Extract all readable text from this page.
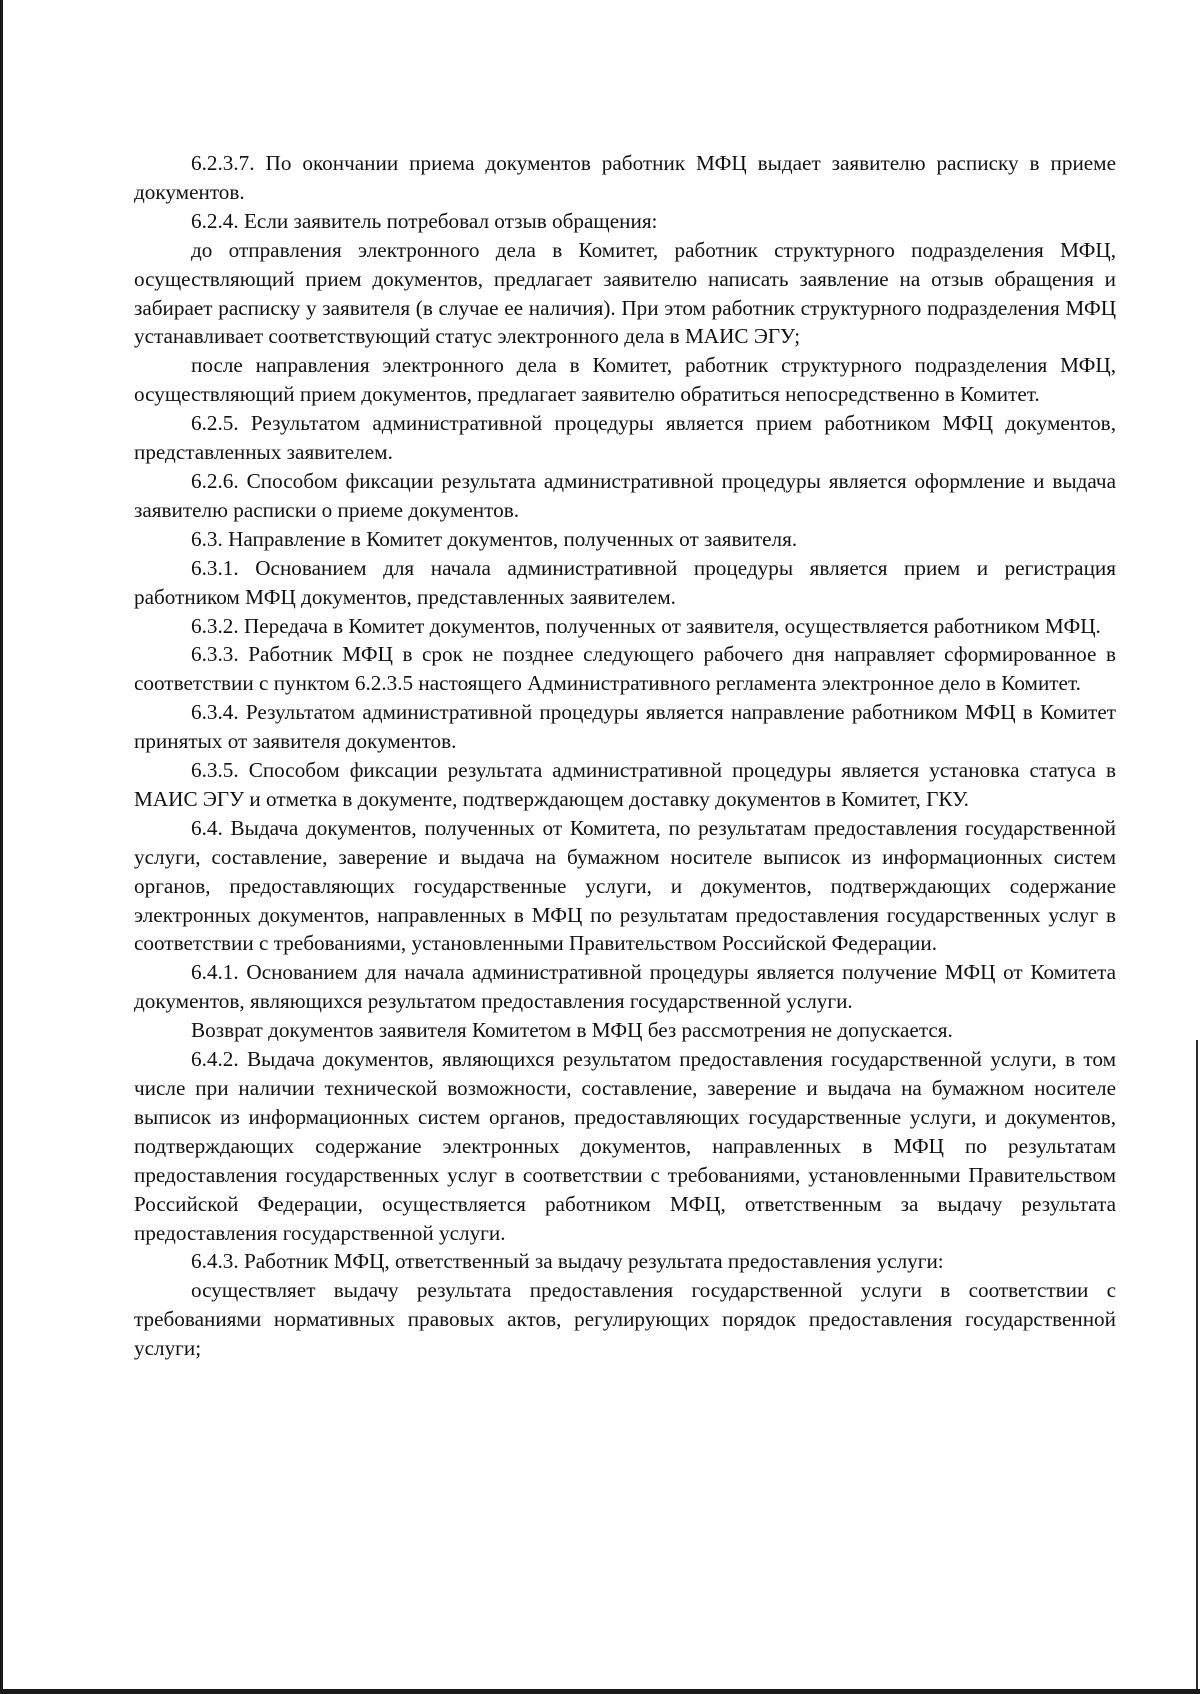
6.2.3.7. По окончании приема документов работник МФЦ выдает заявителю расписку в приеме документов.

6.2.4. Если заявитель потребовал отзыв обращения:

до отправления электронного дела в Комитет, работник структурного подразделения МФЦ, осуществляющий прием документов, предлагает заявителю написать заявление на отзыв обращения и забирает расписку у заявителя (в случае ее наличия). При этом работник структурного подразделения МФЦ устанавливает соответствующий статус электронного дела в МАИС ЭГУ;

после направления электронного дела в Комитет, работник структурного подразделения МФЦ, осуществляющий прием документов, предлагает заявителю обратиться непосредственно в Комитет.

6.2.5. Результатом административной процедуры является прием работником МФЦ документов, представленных заявителем.

6.2.6. Способом фиксации результата административной процедуры является оформление и выдача заявителю расписки о приеме документов.

6.3. Направление в Комитет документов, полученных от заявителя.

6.3.1. Основанием для начала административной процедуры является прием и регистрация работником МФЦ документов, представленных заявителем.

6.3.2. Передача в Комитет документов, полученных от заявителя, осуществляется работником МФЦ.

6.3.3. Работник МФЦ в срок не позднее следующего рабочего дня направляет сформированное в соответствии с пунктом 6.2.3.5 настоящего Административного регламента электронное дело в Комитет.

6.3.4. Результатом административной процедуры является направление работником МФЦ в Комитет принятых от заявителя документов.

6.3.5. Способом фиксации результата административной процедуры является установка статуса в МАИС ЭГУ и отметка в документе, подтверждающем доставку документов в Комитет, ГКУ.

6.4. Выдача документов, полученных от Комитета, по результатам предоставления государственной услуги, составление, заверение и выдача на бумажном носителе выписок из информационных систем органов, предоставляющих государственные услуги, и документов, подтверждающих содержание электронных документов, направленных в МФЦ по результатам предоставления государственных услуг в соответствии с требованиями, установленными Правительством Российской Федерации.

6.4.1. Основанием для начала административной процедуры является получение МФЦ от Комитета документов, являющихся результатом предоставления государственной услуги.

Возврат документов заявителя Комитетом в МФЦ без рассмотрения не допускается.

6.4.2. Выдача документов, являющихся результатом предоставления государственной услуги, в том числе при наличии технической возможности, составление, заверение и выдача на бумажном носителе выписок из информационных систем органов, предоставляющих государственные услуги, и документов, подтверждающих содержание электронных документов, направленных в МФЦ по результатам предоставления государственных услуг в соответствии с требованиями, установленными Правительством Российской Федерации, осуществляется работником МФЦ, ответственным за выдачу результата предоставления государственной услуги.

6.4.3. Работник МФЦ, ответственный за выдачу результата предоставления услуги:

осуществляет выдачу результата предоставления государственной услуги в соответствии с требованиями нормативных правовых актов, регулирующих порядок предоставления государственной услуги;
